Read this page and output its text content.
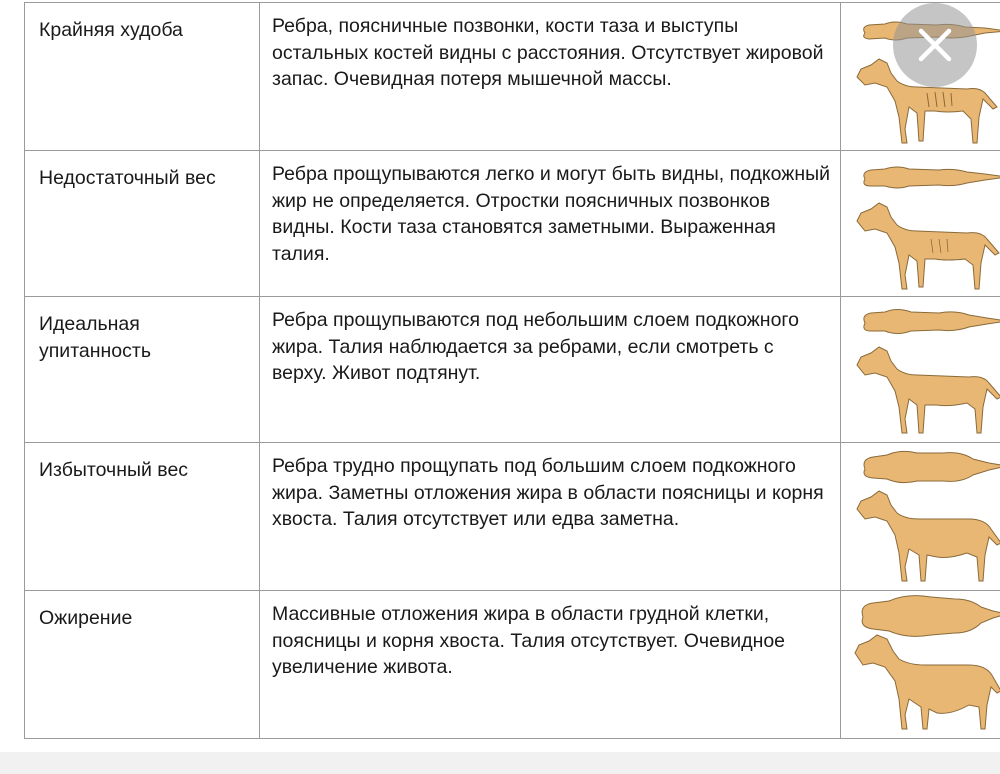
Крайняя худоба	Ребра, поясничные позвонки, кости таза и выступы остальных костей видны с расстояния. Отсутствует жировой запас. Очевидная потеря мышечной массы.	

Недостаточный вес	Ребра прощупываются легко и могут быть видны, подкожный жир не определяется. Отростки поясничных позвонков видны. Кости таза становятся заметными. Выраженная талия.	

Идеальная упитанность	Ребра прощупываются под небольшим слоем подкожного жира. Талия наблюдается за ребрами, если смотреть с верху. Живот подтянут.	

Избыточный вес	Ребра трудно прощупать под большим слоем подкожного жира. Заметны отложения жира в области поясницы и корня хвоста. Талия отсутствует или едва заметна.	

Ожирение	Массивные отложения жира в области грудной клетки, поясницы и корня хвоста. Талия отсутствует. Очевидное увеличение живота.	
